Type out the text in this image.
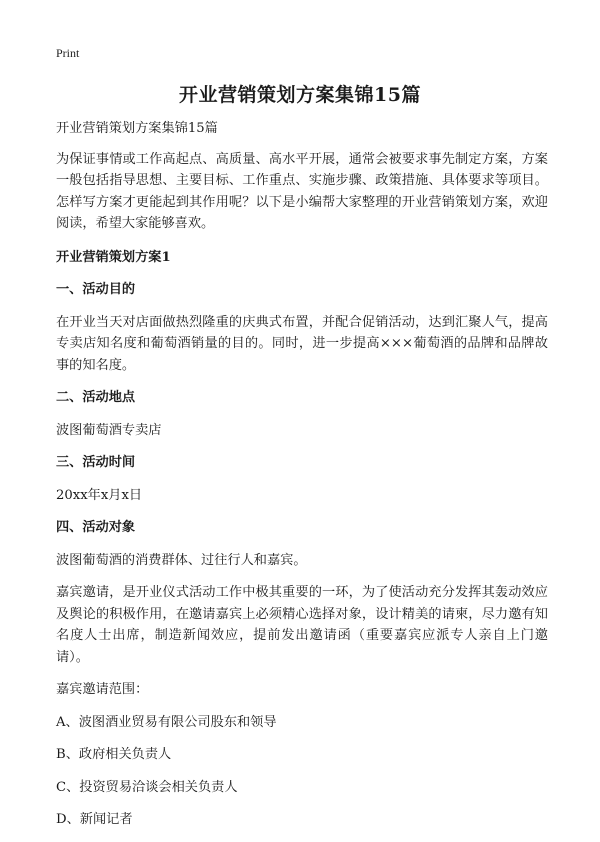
Print
开业营销策划方案集锦15篇

开业营销策划方案集锦15篇

为保证事情或工作高起点、高质量、高水平开展，通常会被要求事先制定方案，方案一般包括指导思想、主要目标、工作重点、实施步骤、政策措施、具体要求等项目。怎样写方案才更能起到其作用呢？以下是小编帮大家整理的开业营销策划方案，欢迎阅读，希望大家能够喜欢。

开业营销策划方案1

一、活动目的

在开业当天对店面做热烈隆重的庆典式布置，并配合促销活动，达到汇聚人气，提高专卖店知名度和葡萄酒销量的目的。同时，进一步提高×××葡萄酒的品牌和品牌故事的知名度。

二、活动地点

波图葡萄酒专卖店

三、活动时间

20xx年x月x日

四、活动对象

波图葡萄酒的消费群体、过往行人和嘉宾。

嘉宾邀请，是开业仪式活动工作中极其重要的一环，为了使活动充分发挥其轰动效应及舆论的积极作用，在邀请嘉宾上必须精心选择对象，设计精美的请柬，尽力邀有知名度人士出席，制造新闻效应，提前发出邀请函（重要嘉宾应派专人亲自上门邀请）。

嘉宾邀请范围：

A、波图酒业贸易有限公司股东和领导

B、政府相关负责人

C、投资贸易洽谈会相关负责人

D、新闻记者
